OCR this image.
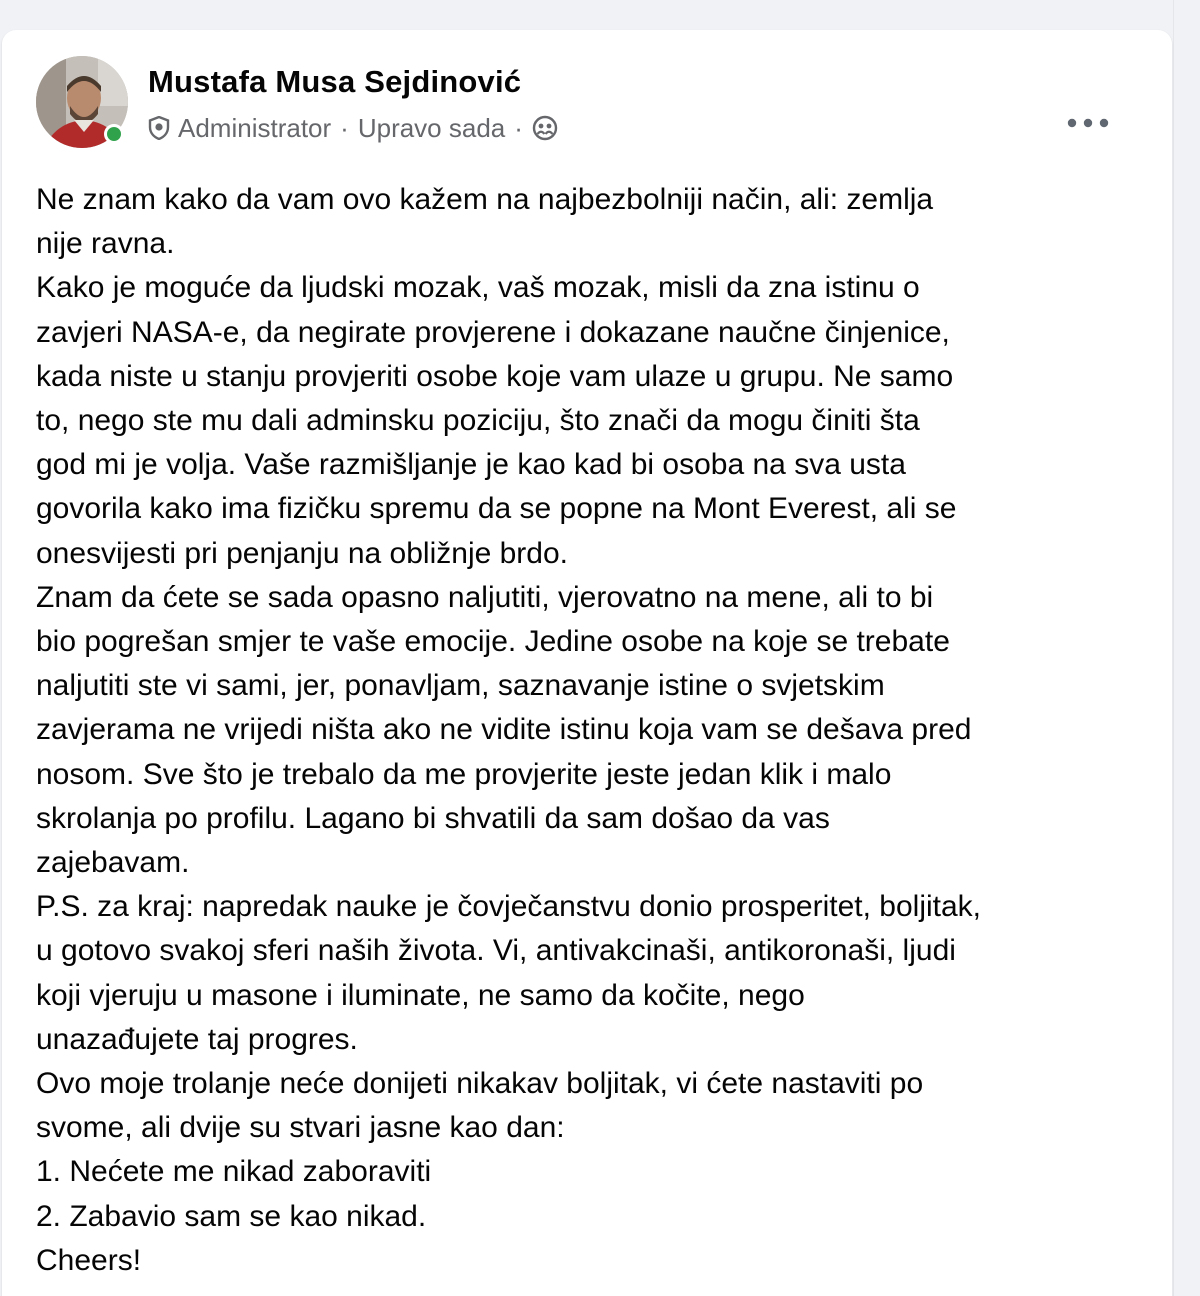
Mustafa Musa Sejdinović
Administrator · Upravo sada ·

Ne znam kako da vam ovo kažem na najbezbolniji način, ali: zemlja

nije ravna.

Kako je moguće da ljudski mozak, vaš mozak, misli da zna istinu o

zavjeri NASA-e, da negirate provjerene i dokazane naučne činjenice,

kada niste u stanju provjeriti osobe koje vam ulaze u grupu. Ne samo

to, nego ste mu dali adminsku poziciju, što znači da mogu činiti šta

god mi je volja. Vaše razmišljanje je kao kad bi osoba na sva usta

govorila kako ima fizičku spremu da se popne na Mont Everest, ali se

onesvijesti pri penjanju na obližnje brdo.

Znam da ćete se sada opasno naljutiti, vjerovatno na mene, ali to bi

bio pogrešan smjer te vaše emocije. Jedine osobe na koje se trebate

naljutiti ste vi sami, jer, ponavljam, saznavanje istine o svjetskim

zavjerama ne vrijedi ništa ako ne vidite istinu koja vam se dešava pred

nosom. Sve što je trebalo da me provjerite jeste jedan klik i malo

skrolanja po profilu. Lagano bi shvatili da sam došao da vas

zajebavam.

P.S. za kraj: napredak nauke je čovječanstvu donio prosperitet, boljitak,

u gotovo svakoj sferi naših života. Vi, antivakcinaši, antikoronaši, ljudi

koji vjeruju u masone i iluminate, ne samo da kočite, nego

unazađujete taj progres.

Ovo moje trolanje neće donijeti nikakav boljitak, vi ćete nastaviti po

svome, ali dvije su stvari jasne kao dan:

1. Nećete me nikad zaboraviti

2. Zabavio sam se kao nikad.

Cheers!
